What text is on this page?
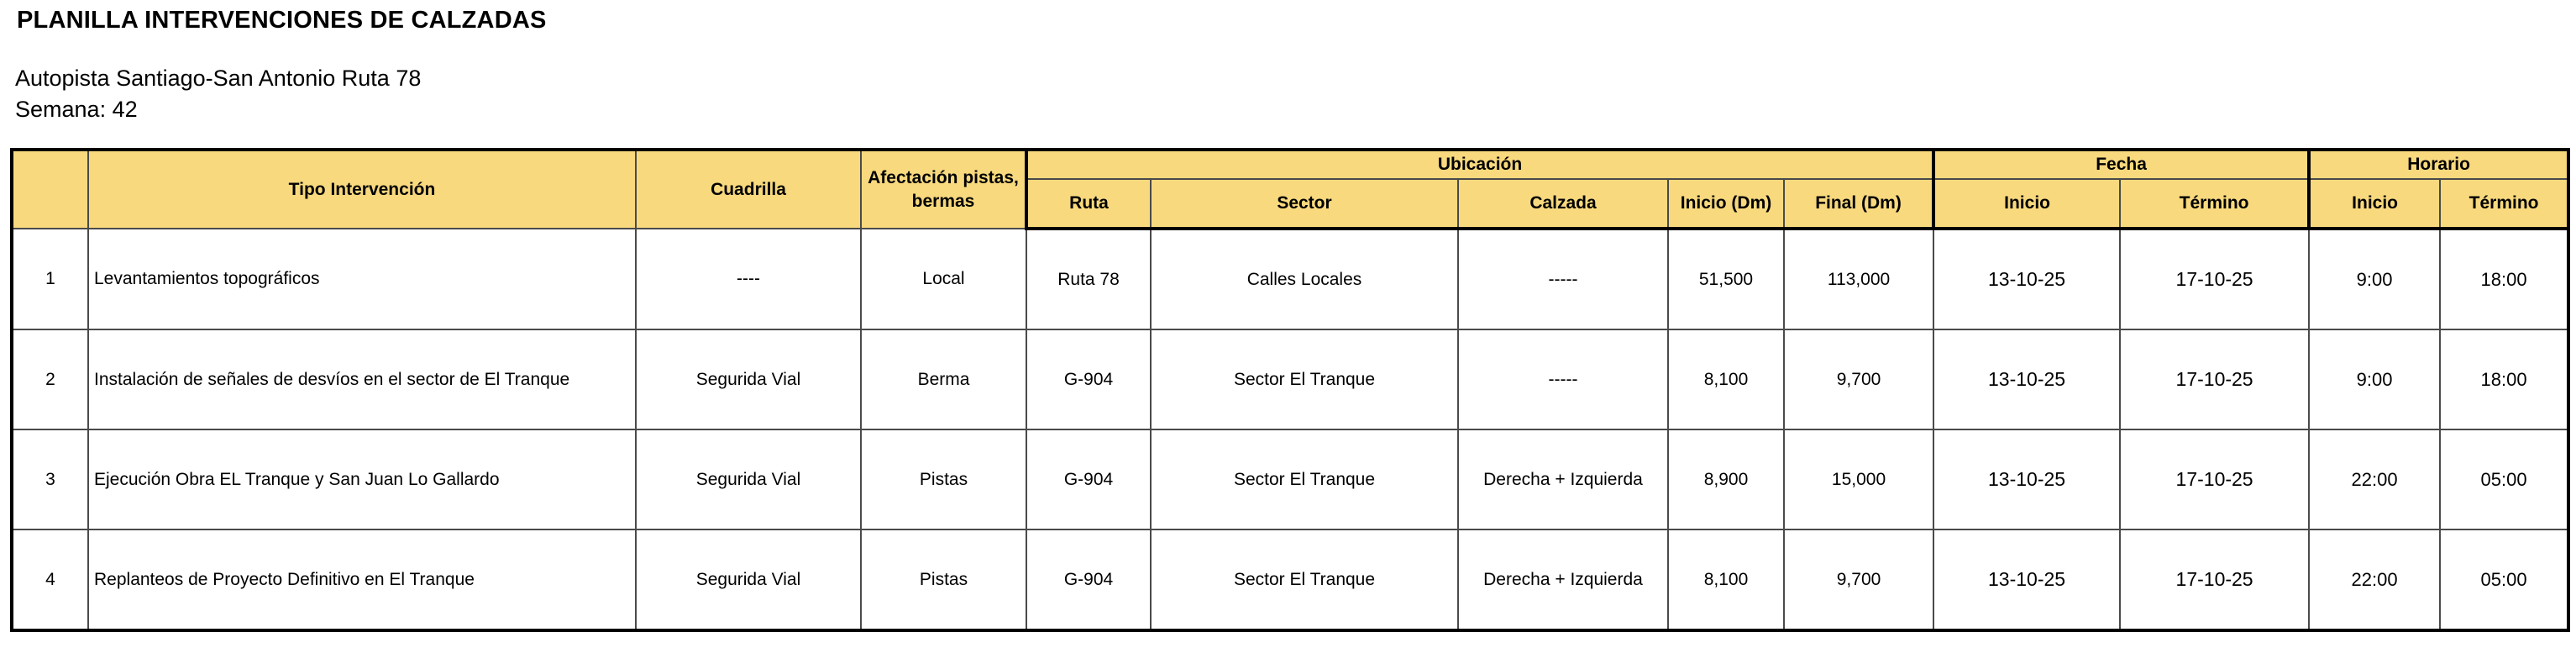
PLANILLA INTERVENCIONES DE CALZADAS
Autopista Santiago-San Antonio Ruta 78
Semana: 42
	Tipo Intervención	Cuadrilla	Afectación pistas, bermas	Ubicación					Fecha		Horario	
				Ruta	Sector	Calzada	Inicio (Dm)	Final (Dm)	Inicio	Término	Inicio	Término
1	Levantamientos topográficos	----	Local	Ruta 78	Calles Locales	-----	51,500	113,000	13-10-25	17-10-25	9:00	18:00
2	Instalación de señales de desvíos en el sector de El Tranque	Segurida Vial	Berma	G-904	Sector El Tranque	-----	8,100	9,700	13-10-25	17-10-25	9:00	18:00
3	Ejecución Obra EL Tranque y San Juan Lo Gallardo	Segurida Vial	Pistas	G-904	Sector El Tranque	Derecha + Izquierda	8,900	15,000	13-10-25	17-10-25	22:00	05:00
4	Replanteos de Proyecto Definitivo en El Tranque	Segurida Vial	Pistas	G-904	Sector El Tranque	Derecha + Izquierda	8,100	9,700	13-10-25	17-10-25	22:00	05:00
